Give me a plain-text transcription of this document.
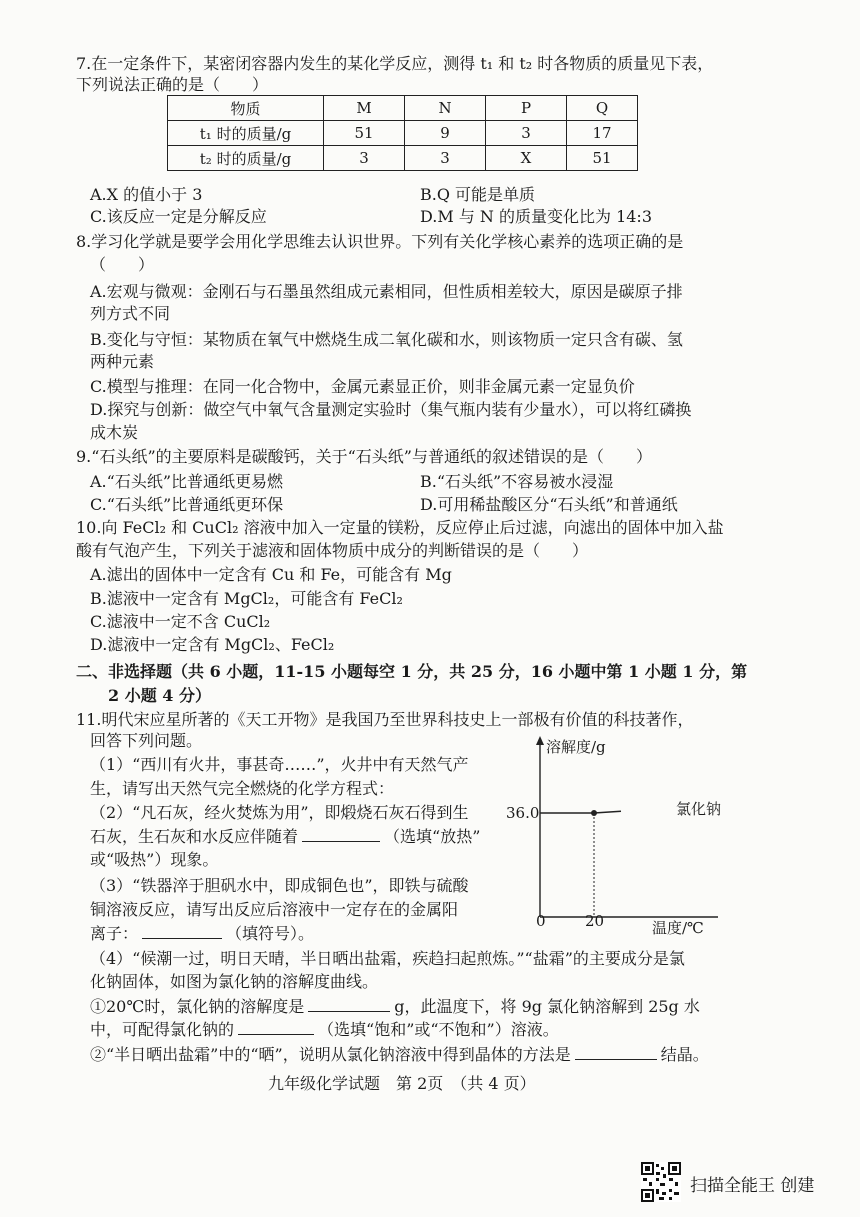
7.在一定条件下，某密闭容器内发生的某化学反应，测得 t₁ 和 t₂ 时各物质的质量见下表，
下列说法正确的是（　　）
物质	M	N	P	Q
t₁ 时的质量/g	51	9	3	17
t₂ 时的质量/g	3	3	X	51
A.X 的值小于 3	B.Q 可能是单质
C.该反应一定是分解反应	D.M 与 N 的质量变化比为 14:3
8.学习化学就是要学会用化学思维去认识世界。下列有关化学核心素养的选项正确的是
（　　）
A.宏观与微观：金刚石与石墨虽然组成元素相同，但性质相差较大，原因是碳原子排
列方式不同
B.变化与守恒：某物质在氧气中燃烧生成二氧化碳和水，则该物质一定只含有碳、氢
两种元素
C.模型与推理：在同一化合物中，金属元素显正价，则非金属元素一定显负价
D.探究与创新：做空气中氧气含量测定实验时（集气瓶内装有少量水），可以将红磷换
成木炭
9.“石头纸”的主要原料是碳酸钙，关于“石头纸”与普通纸的叙述错误的是（　　）
A.“石头纸”比普通纸更易燃	B.“石头纸”不容易被水浸湿
C.“石头纸”比普通纸更环保	D.可用稀盐酸区分“石头纸”和普通纸
10.向 FeCl₂ 和 CuCl₂ 溶液中加入一定量的镁粉，反应停止后过滤，向滤出的固体中加入盐
酸有气泡产生，下列关于滤液和固体物质中成分的判断错误的是（　　）
A.滤出的固体中一定含有 Cu 和 Fe，可能含有 Mg
B.滤液中一定含有 MgCl₂，可能含有 FeCl₂
C.滤液中一定不含 CuCl₂
D.滤液中一定含有 MgCl₂、FeCl₂
二、非选择题（共 6 小题，11-15 小题每空 1 分，共 25 分，16 小题中第 1 小题 1 分，第
2 小题 4 分）
11.明代宋应星所著的《天工开物》是我国乃至世界科技史上一部极有价值的科技著作，
回答下列问题。
（1）“西川有火井，事甚奇……”，火井中有天然气产
生，请写出天然气完全燃烧的化学方程式：
（2）“凡石灰，经火焚炼为用”，即煅烧石灰石得到生
石灰，生石灰和水反应伴随着	（选填“放热”
或“吸热”）现象。
（3）“铁器淬于胆矾水中，即成铜色也”，即铁与硫酸
铜溶液反应，请写出反应后溶液中一定存在的金属阳
离子：	（填符号）。
（4）“候潮一过，明日天晴，半日晒出盐霜，疾趋扫起煎炼。”“盐霜”的主要成分是氯
化钠固体，如图为氯化钠的溶解度曲线。
①20℃时，氯化钠的溶解度是	g，此温度下，将 9g 氯化钠溶解到 25g 水
中，可配得氯化钠的	（选填“饱和”或“不饱和”）溶液。
②“半日晒出盐霜”中的“晒”，说明从氯化钠溶液中得到晶体的方法是	结晶。
溶解度/g
温度/℃
0	20
36.0	氯化钠
九年级化学试题　第 2页　（共 4 页）
扫描全能王 创建
